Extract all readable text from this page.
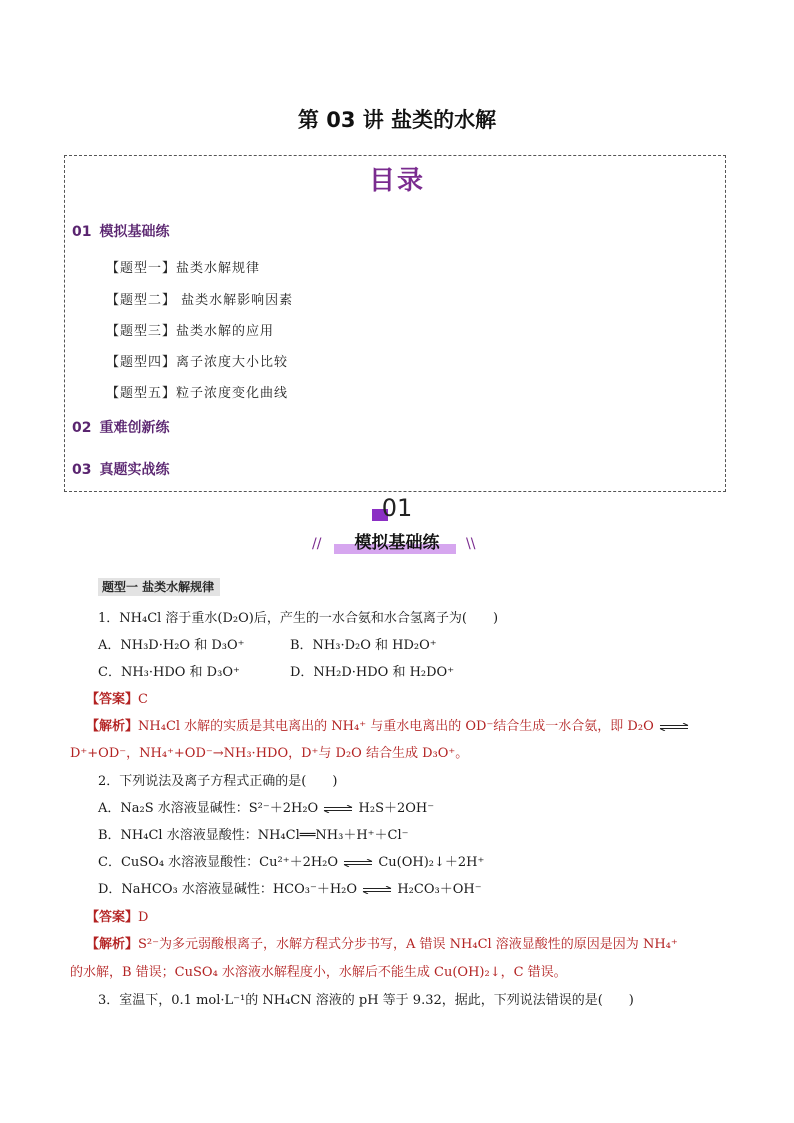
第 03 讲 盐类的水解
目录
01 模拟基础练
【题型一】盐类水解规律
【题型二】 盐类水解影响因素
【题型三】盐类水解的应用
【题型四】离子浓度大小比较
【题型五】粒子浓度变化曲线
02 重难创新练
03 真题实战练
01
//	\\
模拟基础练
题型一 盐类水解规律
1．NH₄Cl 溶于重水(D₂O)后，产生的一水合氨和水合氢离子为(　　)
A．NH₃D·H₂O 和 D₃O⁺	B．NH₃·D₂O 和 HD₂O⁺
C．NH₃·HDO 和 D₃O⁺	D．NH₂D·HDO 和 H₂DO⁺
【答案】C
【解析】NH₄Cl 水解的实质是其电离出的 NH₄⁺ 与重水电离出的 OD⁻结合生成一水合氨，即 D₂O ⇌
D⁺+OD⁻，NH₄⁺+OD⁻→NH₃·HDO，D⁺与 D₂O 结合生成 D₃O⁺。
2．下列说法及离子方程式正确的是(　　)
A．Na₂S 水溶液显碱性：S²⁻＋2H₂O ⇌ H₂S＋2OH⁻
B．NH₄Cl 水溶液显酸性：NH₄Cl══NH₃＋H⁺＋Cl⁻
C．CuSO₄ 水溶液显酸性：Cu²⁺＋2H₂O ⇌ Cu(OH)₂↓＋2H⁺
D．NaHCO₃ 水溶液显碱性：HCO₃⁻＋H₂O ⇌ H₂CO₃＋OH⁻
【答案】D
【解析】S²⁻为多元弱酸根离子，水解方程式分步书写，A 错误 NH₄Cl 溶液显酸性的原因是因为 NH₄⁺
的水解，B 错误；CuSO₄ 水溶液水解程度小，水解后不能生成 Cu(OH)₂↓，C 错误。
3．室温下，0.1 mol·L⁻¹的 NH₄CN 溶液的 pH 等于 9.32，据此，下列说法错误的是(　　)
